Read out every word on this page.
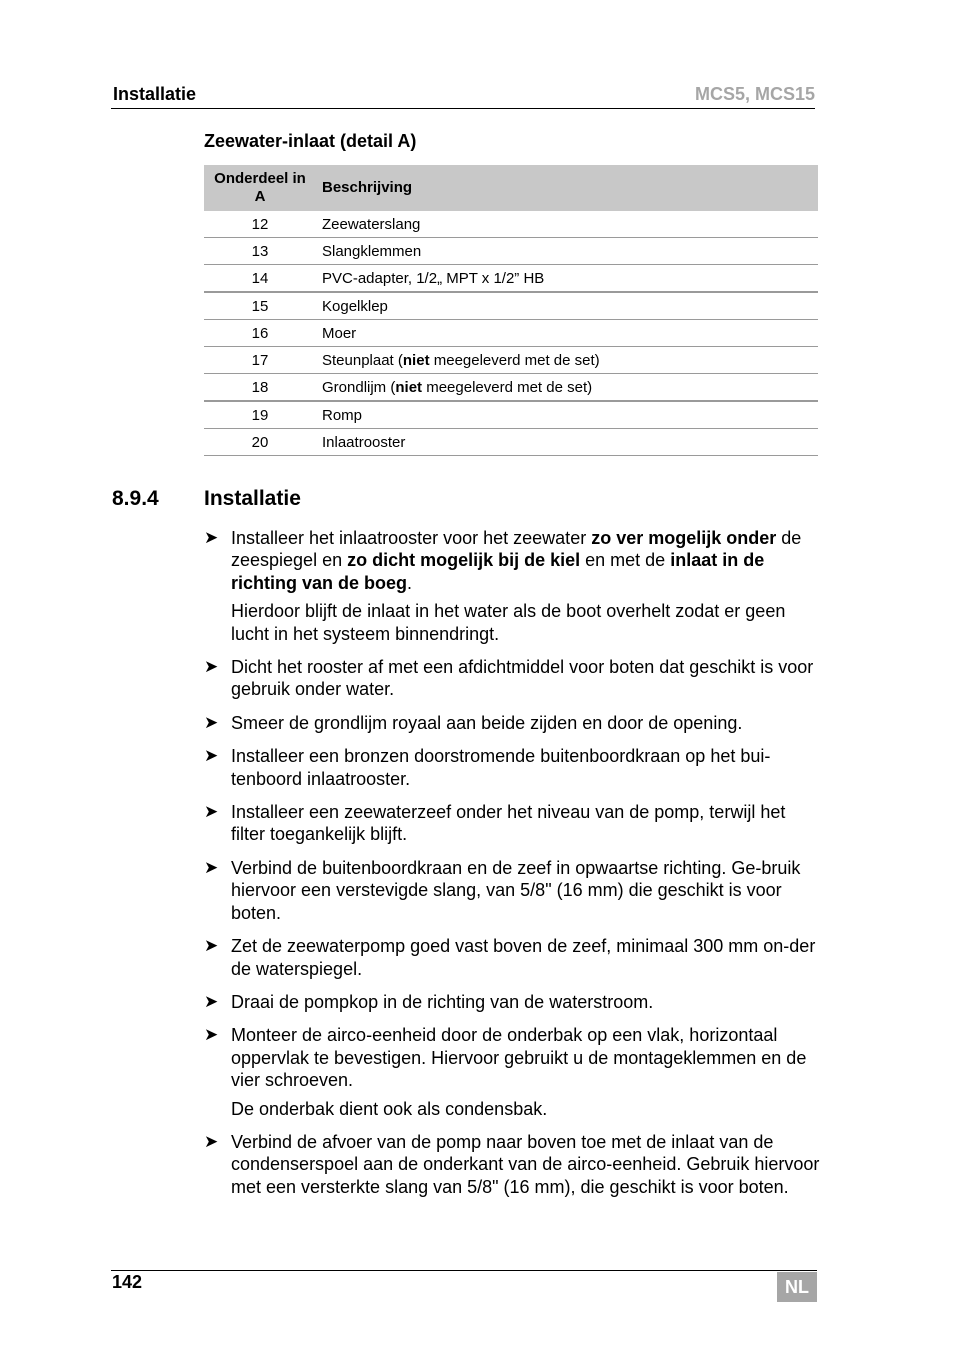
Installatie	MCS5, MCS15
Zeewater-inlaat (detail A)
Onderdeel in
A	Beschrijving
12	Zeewaterslang
13	Slangklemmen
14	PVC-adapter, 1/2„ MPT x 1/2” HB
15	Kogelklep
16	Moer
17	Steunplaat (niet meegeleverd met de set)
18	Grondlijm (niet meegeleverd met de set)
19	Romp
20	Inlaatrooster
8.9.4 Installatie
➤ Installeer het inlaatrooster voor het zeewater zo ver mogelijk onder de zeespiegel en zo dicht mogelijk bij de kiel en met de inlaat in de richting van de boeg.

Hierdoor blijft de inlaat in het water als de boot overhelt zodat er geen lucht in het systeem binnendringt.

➤ Dicht het rooster af met een afdichtmiddel voor boten dat geschikt is voor gebruik onder water.

➤ Smeer de grondlijm royaal aan beide zijden en door de opening.

➤ Installeer een bronzen doorstromende buitenboordkraan op het bui-tenboord inlaatrooster.

➤ Installeer een zeewaterzeef onder het niveau van de pomp, terwijl het filter toegankelijk blijft.

➤ Verbind de buitenboordkraan en de zeef in opwaartse richting. Ge-bruik hiervoor een verstevigde slang, van 5/8" (16 mm) die geschikt is voor boten.

➤ Zet de zeewaterpomp goed vast boven de zeef, minimaal 300 mm on-der de waterspiegel.

➤ Draai de pompkop in de richting van de waterstroom.

➤ Monteer de airco-eenheid door de onderbak op een vlak, horizontaal oppervlak te bevestigen. Hiervoor gebruikt u de montageklemmen en de vier schroeven.

De onderbak dient ook als condensbak.

➤ Verbind de afvoer van de pomp naar boven toe met de inlaat van de condenserspoel aan de onderkant van de airco-eenheid. Gebruik hiervoor met een versterkte slang van 5/8" (16 mm), die geschikt is voor boten.

142	NL
